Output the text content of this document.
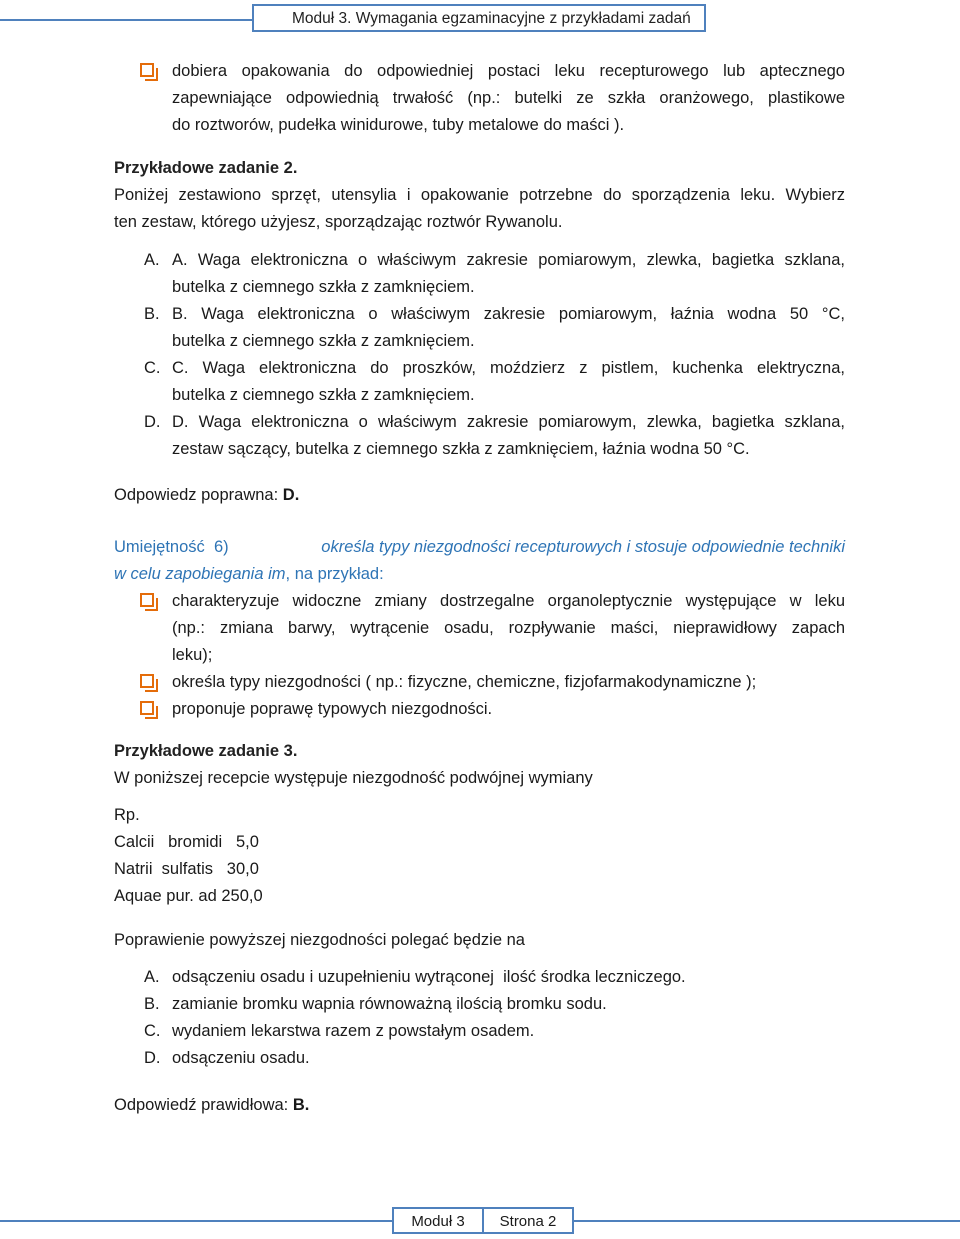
Moduł 3. Wymagania egzaminacyjne z przykładami zadań
dobiera opakowania do odpowiedniej postaci leku recepturowego lub aptecznego
zapewniające odpowiednią trwałość (np.: butelki ze szkła oranżowego, plastikowe
do roztworów, pudełka winidurowe, tuby metalowe do maści ).
Przykładowe zadanie 2.
Poniżej zestawiono sprzęt, utensylia i opakowanie potrzebne do sporządzenia leku. Wybierz
ten zestaw, którego użyjesz, sporządzając roztwór Rywanolu.
A. A. Waga elektroniczna o właściwym zakresie pomiarowym, zlewka, bagietka szklana,
butelka z ciemnego szkła z zamknięciem.
B. B. Waga elektroniczna o właściwym zakresie pomiarowym, łaźnia wodna 50 °C,
butelka z ciemnego szkła z zamknięciem.
C. C. Waga elektroniczna do proszków, moździerz z pistlem, kuchenka elektryczna,
butelka z ciemnego szkła z zamknięciem.
D. D. Waga elektroniczna o właściwym zakresie pomiarowym, zlewka, bagietka szklana,
zestaw sączący, butelka z ciemnego szkła z zamknięciem, łaźnia wodna 50 °C.
Odpowiedz poprawna: D.
Umiejętność  6)	określa typy niezgodności recepturowych i stosuje odpowiednie techniki
w celu zapobiegania im, na przykład:
charakteryzuje widoczne zmiany dostrzegalne organoleptycznie występujące w leku
(np.: zmiana barwy, wytrącenie osadu, rozpływanie maści, nieprawidłowy zapach
leku);
określa typy niezgodności ( np.: fizyczne, chemiczne, fizjofarmakodynamiczne );
proponuje poprawę typowych niezgodności.
Przykładowe zadanie 3.
W poniższej recepcie występuje niezgodność podwójnej wymiany
Rp.
Calcii   bromidi   5,0
Natrii  sulfatis   30,0
Aquae pur. ad 250,0
Poprawienie powyższej niezgodności polegać będzie na
A. odsączeniu osadu i uzupełnieniu wytrąconej  ilość środka leczniczego.
B. zamianie bromku wapnia równoważną ilością bromku sodu.
C. wydaniem lekarstwa razem z powstałym osadem.
D. odsączeniu osadu.
Odpowiedź prawidłowa: B.
Moduł 3	Strona 2
